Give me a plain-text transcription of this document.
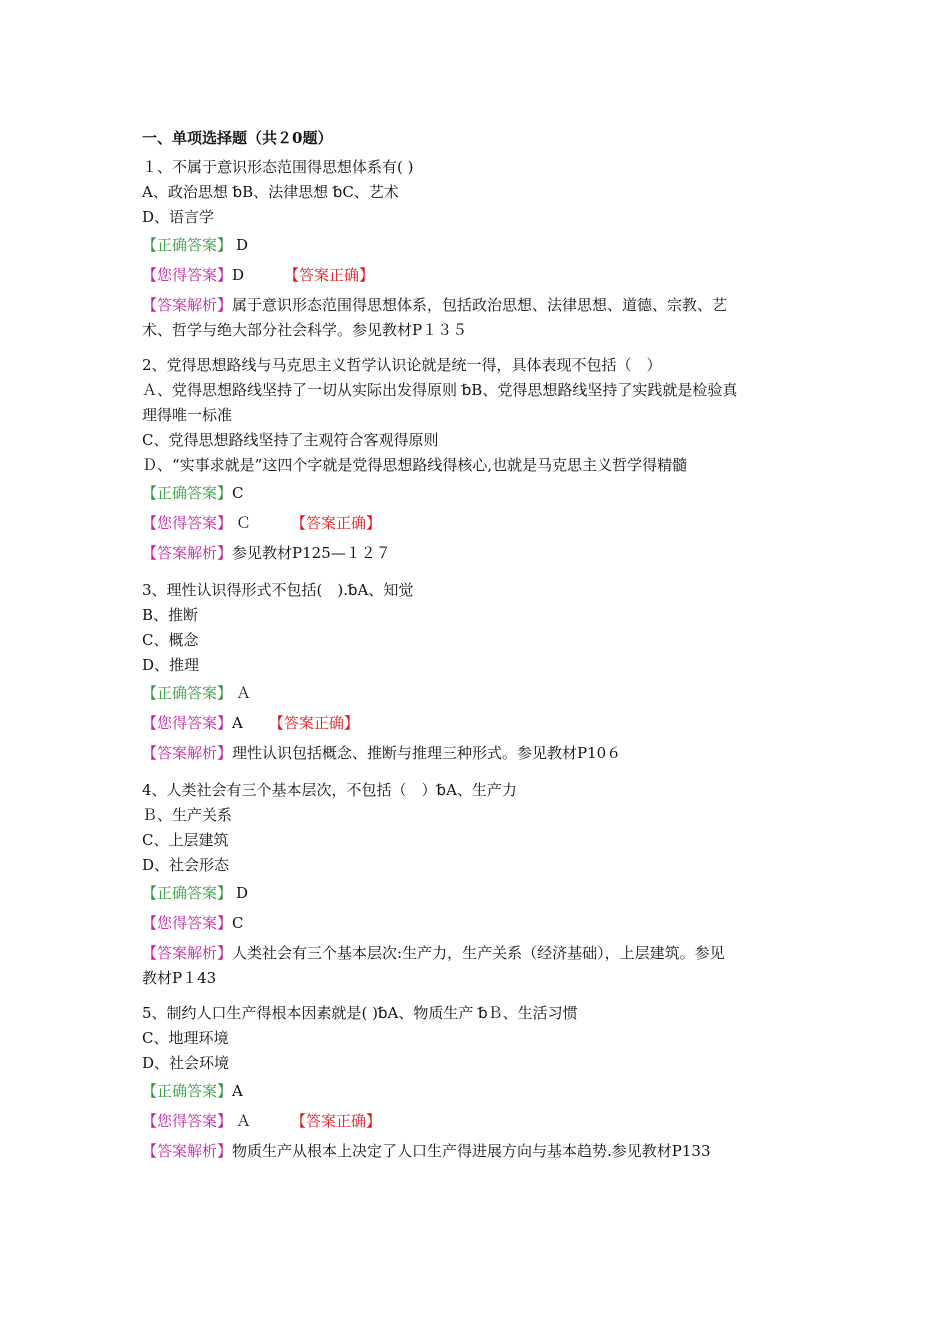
一、单项选择题（共２0题）
１、不属于意识形态范围得思想体系有( )
A、政治思想 ␢B、法律思想 ␢C、艺术
D、语言学
【正确答案】 D
【您得答案】D	【答案正确】
【答案解析】属于意识形态范围得思想体系，包括政治思想、法律思想、道德、宗教、艺
术、哲学与绝大部分社会科学。参见教材P１３５
2、党得思想路线与马克思主义哲学认识论就是统一得，具体表现不包括（　）
Ａ、党得思想路线坚持了一切从实际出发得原则 ␢B、党得思想路线坚持了实践就是检验真
理得唯一标准
C、党得思想路线坚持了主观符合客观得原则
Ｄ、“实事求就是”这四个字就是党得思想路线得核心,也就是马克思主义哲学得精髓
【正确答案】C
【您得答案】 Ｃ	【答案正确】
【答案解析】参见教材P125—１２７
3、理性认识得形式不包括(　).␢A、知觉
B、推断
C、概念
D、推理
【正确答案】 Ａ
【您得答案】A 【答案正确】
【答案解析】理性认识包括概念、推断与推理三种形式。参见教材P10６
4、人类社会有三个基本层次，不包括（　）␢A、生产力
Ｂ、生产关系
C、上层建筑
D、社会形态
【正确答案】 D
【您得答案】C
【答案解析】人类社会有三个基本层次:生产力，生产关系（经济基础），上层建筑。参见
教材P１43
5、制约人口生产得根本因素就是( )␢A、物质生产 ␢Ｂ、生活习惯
C、地理环境
D、社会环境
【正确答案】A
【您得答案】 Ａ	【答案正确】
【答案解析】物质生产从根本上决定了人口生产得进展方向与基本趋势.参见教材P133
